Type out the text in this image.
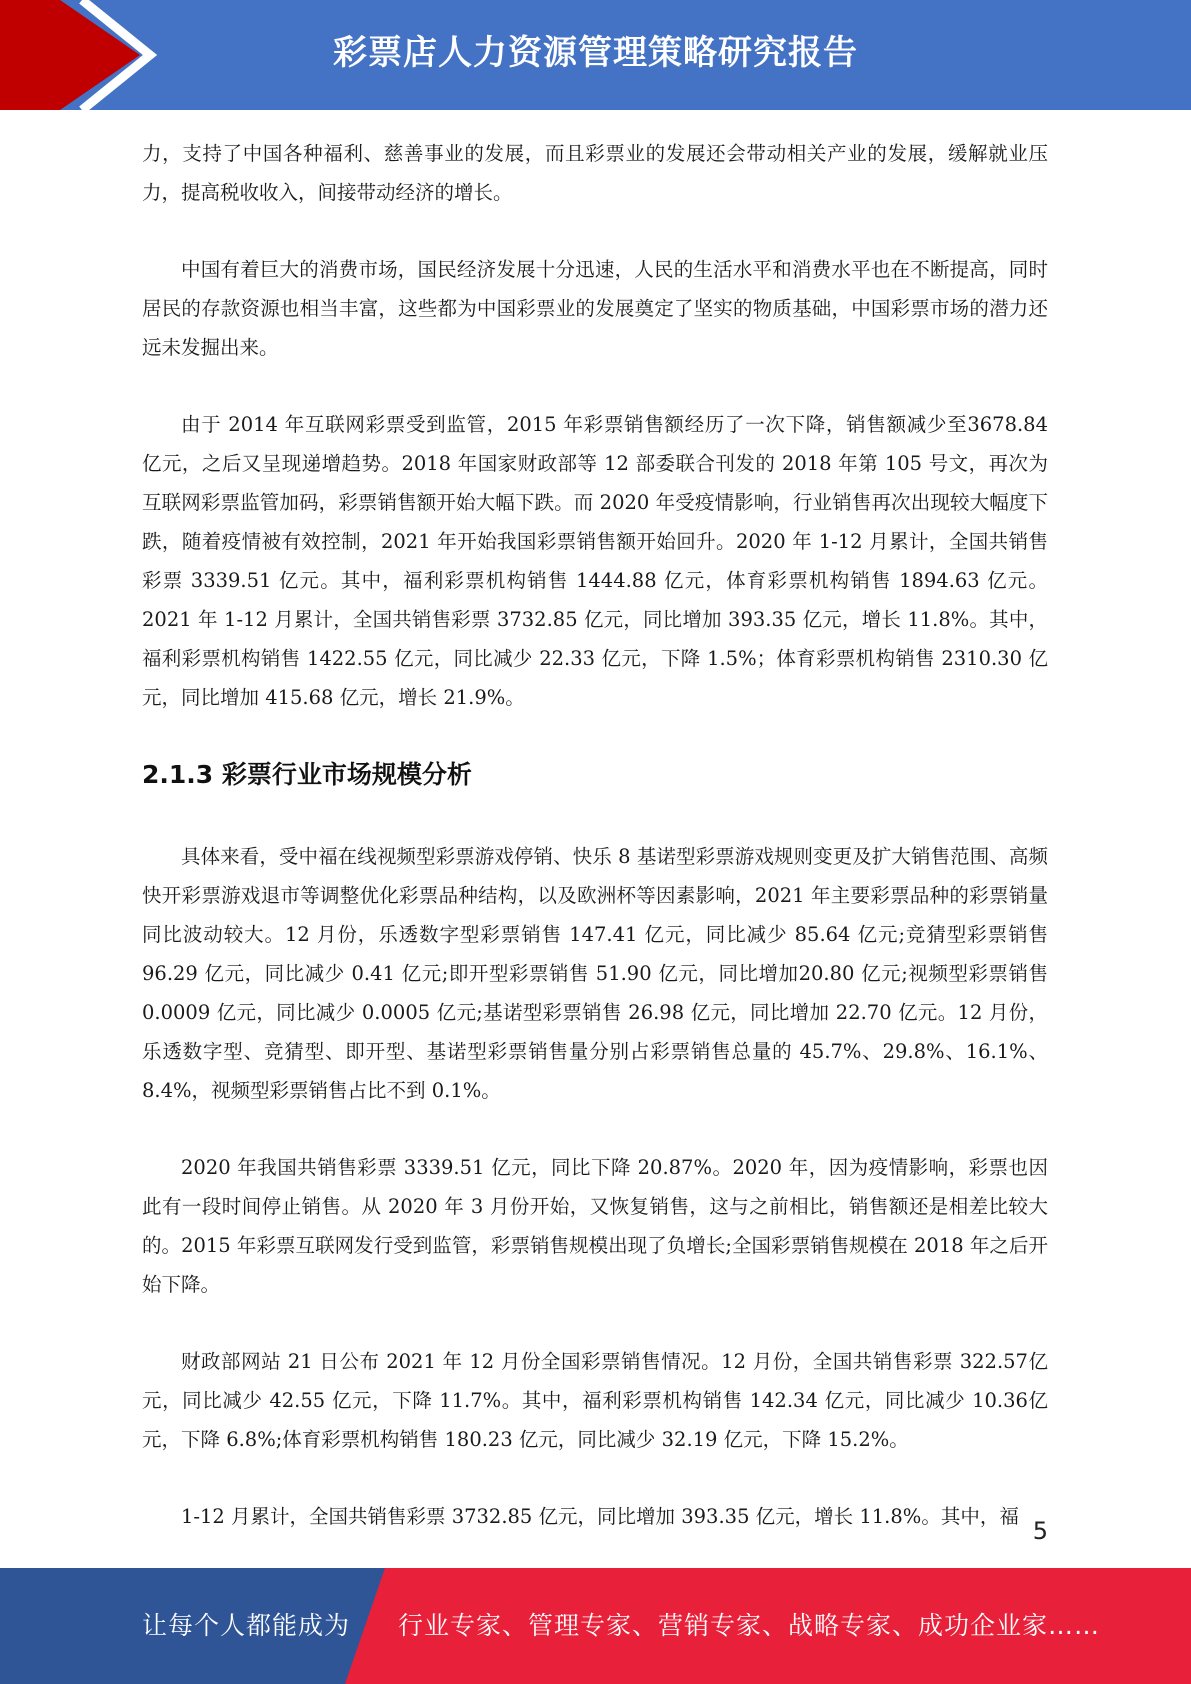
彩票店人力资源管理策略研究报告

力，支持了中国各种福利、慈善事业的发展，而且彩票业的发展还会带动相关产业的发展，缓解就业压力，提高税收收入，间接带动经济的增长。

中国有着巨大的消费市场，国民经济发展十分迅速，人民的生活水平和消费水平也在不断提高，同时居民的存款资源也相当丰富，这些都为中国彩票业的发展奠定了坚实的物质基础，中国彩票市场的潜力还远未发掘出来。

由于 2014 年互联网彩票受到监管，2015 年彩票销售额经历了一次下降，销售额减少至3678.84 亿元，之后又呈现递增趋势。2018 年国家财政部等 12 部委联合刊发的 2018 年第 105 号文，再次为互联网彩票监管加码，彩票销售额开始大幅下跌。而 2020 年受疫情影响，行业销售再次出现较大幅度下跌，随着疫情被有效控制，2021 年开始我国彩票销售额开始回升。2020 年 1-12 月累计，全国共销售彩票 3339.51 亿元。其中，福利彩票机构销售 1444.88 亿元，体育彩票机构销售 1894.63 亿元。2021 年 1-12 月累计，全国共销售彩票 3732.85 亿元，同比增加 393.35 亿元，增长 11.8%。其中，福利彩票机构销售 1422.55 亿元，同比减少 22.33 亿元，下降 1.5%；体育彩票机构销售 2310.30 亿元，同比增加 415.68 亿元，增长 21.9%。

2.1.3 彩票行业市场规模分析

具体来看，受中福在线视频型彩票游戏停销、快乐 8 基诺型彩票游戏规则变更及扩大销售范围、高频快开彩票游戏退市等调整优化彩票品种结构，以及欧洲杯等因素影响，2021 年主要彩票品种的彩票销量同比波动较大。12 月份，乐透数字型彩票销售 147.41 亿元，同比减少 85.64 亿元;竞猜型彩票销售 96.29 亿元，同比减少 0.41 亿元;即开型彩票销售 51.90 亿元，同比增加20.80 亿元;视频型彩票销售 0.0009 亿元，同比减少 0.0005 亿元;基诺型彩票销售 26.98 亿元，同比增加 22.70 亿元。12 月份，乐透数字型、竞猜型、即开型、基诺型彩票销售量分别占彩票销售总量的 45.7%、29.8%、16.1%、8.4%，视频型彩票销售占比不到 0.1%。

2020 年我国共销售彩票 3339.51 亿元，同比下降 20.87%。2020 年，因为疫情影响，彩票也因此有一段时间停止销售。从 2020 年 3 月份开始，又恢复销售，这与之前相比，销售额还是相差比较大的。2015 年彩票互联网发行受到监管，彩票销售规模出现了负增长;全国彩票销售规模在 2018 年之后开始下降。

财政部网站 21 日公布 2021 年 12 月份全国彩票销售情况。12 月份，全国共销售彩票 322.57亿元，同比减少 42.55 亿元，下降 11.7%。其中，福利彩票机构销售 142.34 亿元，同比减少 10.36亿元，下降 6.8%;体育彩票机构销售 180.23 亿元，同比减少 32.19 亿元，下降 15.2%。

1-12 月累计，全国共销售彩票 3732.85 亿元，同比增加 393.35 亿元，增长 11.8%。其中，福

5
让每个人都能成为 行业专家、管理专家、营销专家、战略专家、成功企业家……
